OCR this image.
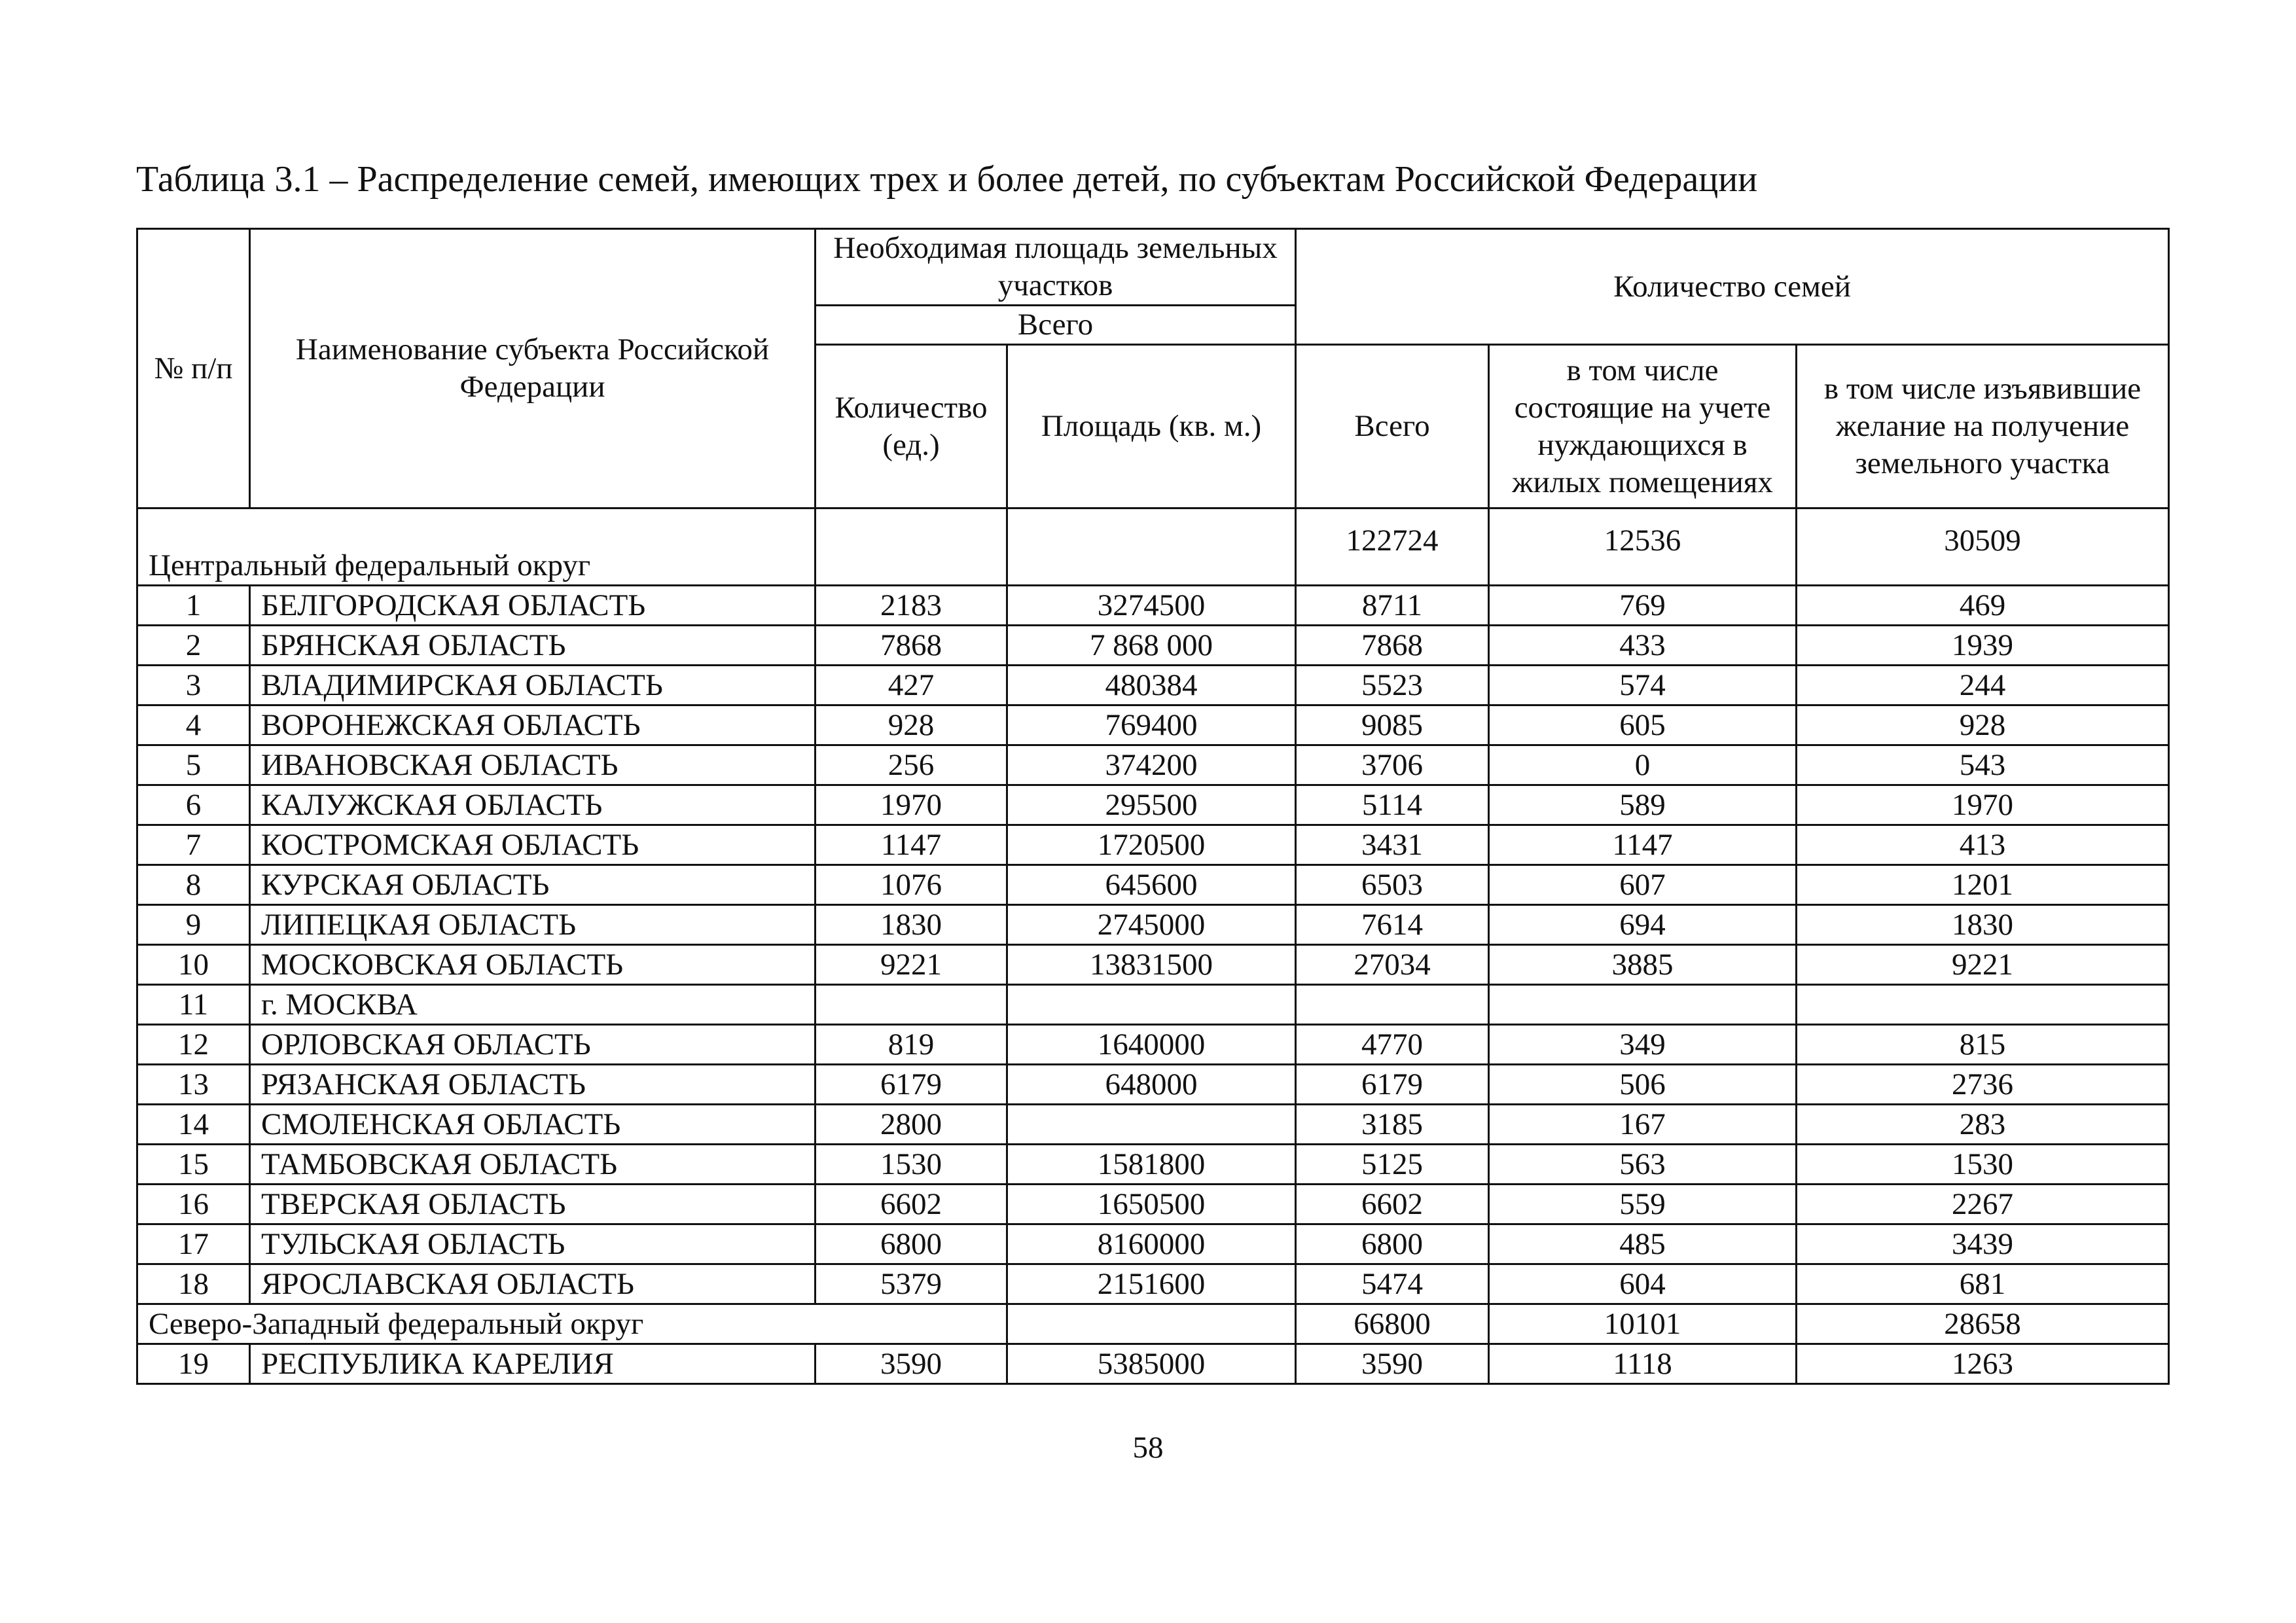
Таблица 3.1 – Распределение семей, имеющих трех и более детей, по субъектам Российской Федерации
№ п/п	Наименование субъекта Российской Федерации	Необходимая площадь земельных участков		Количество семей		
		Всего				
		Количество (ед.)	Площадь (кв. м.)	Всего	в том числе состоящие на учете нуждающихся в жилых помещениях	в том числе изъявившие желание на получение земельного участка
Центральный федеральный округ				122724	12536	30509
1	БЕЛГОРОДСКАЯ ОБЛАСТЬ	2183	3274500	8711	769	469
2	БРЯНСКАЯ ОБЛАСТЬ	7868	7 868 000	7868	433	1939
3	ВЛАДИМИРСКАЯ ОБЛАСТЬ	427	480384	5523	574	244
4	ВОРОНЕЖСКАЯ ОБЛАСТЬ	928	769400	9085	605	928
5	ИВАНОВСКАЯ ОБЛАСТЬ	256	374200	3706	0	543
6	КАЛУЖСКАЯ ОБЛАСТЬ	1970	295500	5114	589	1970
7	КОСТРОМСКАЯ ОБЛАСТЬ	1147	1720500	3431	1147	413
8	КУРСКАЯ ОБЛАСТЬ	1076	645600	6503	607	1201
9	ЛИПЕЦКАЯ ОБЛАСТЬ	1830	2745000	7614	694	1830
10	МОСКОВСКАЯ ОБЛАСТЬ	9221	13831500	27034	3885	9221
11	г. МОСКВА					
12	ОРЛОВСКАЯ ОБЛАСТЬ	819	1640000	4770	349	815
13	РЯЗАНСКАЯ ОБЛАСТЬ	6179	648000	6179	506	2736
14	СМОЛЕНСКАЯ ОБЛАСТЬ	2800		3185	167	283
15	ТАМБОВСКАЯ ОБЛАСТЬ	1530	1581800	5125	563	1530
16	ТВЕРСКАЯ ОБЛАСТЬ	6602	1650500	6602	559	2267
17	ТУЛЬСКАЯ ОБЛАСТЬ	6800	8160000	6800	485	3439
18	ЯРОСЛАВСКАЯ ОБЛАСТЬ	5379	2151600	5474	604	681
Северо-Западный федеральный округ				66800	10101	28658
19	РЕСПУБЛИКА КАРЕЛИЯ	3590	5385000	3590	1118	1263
58
